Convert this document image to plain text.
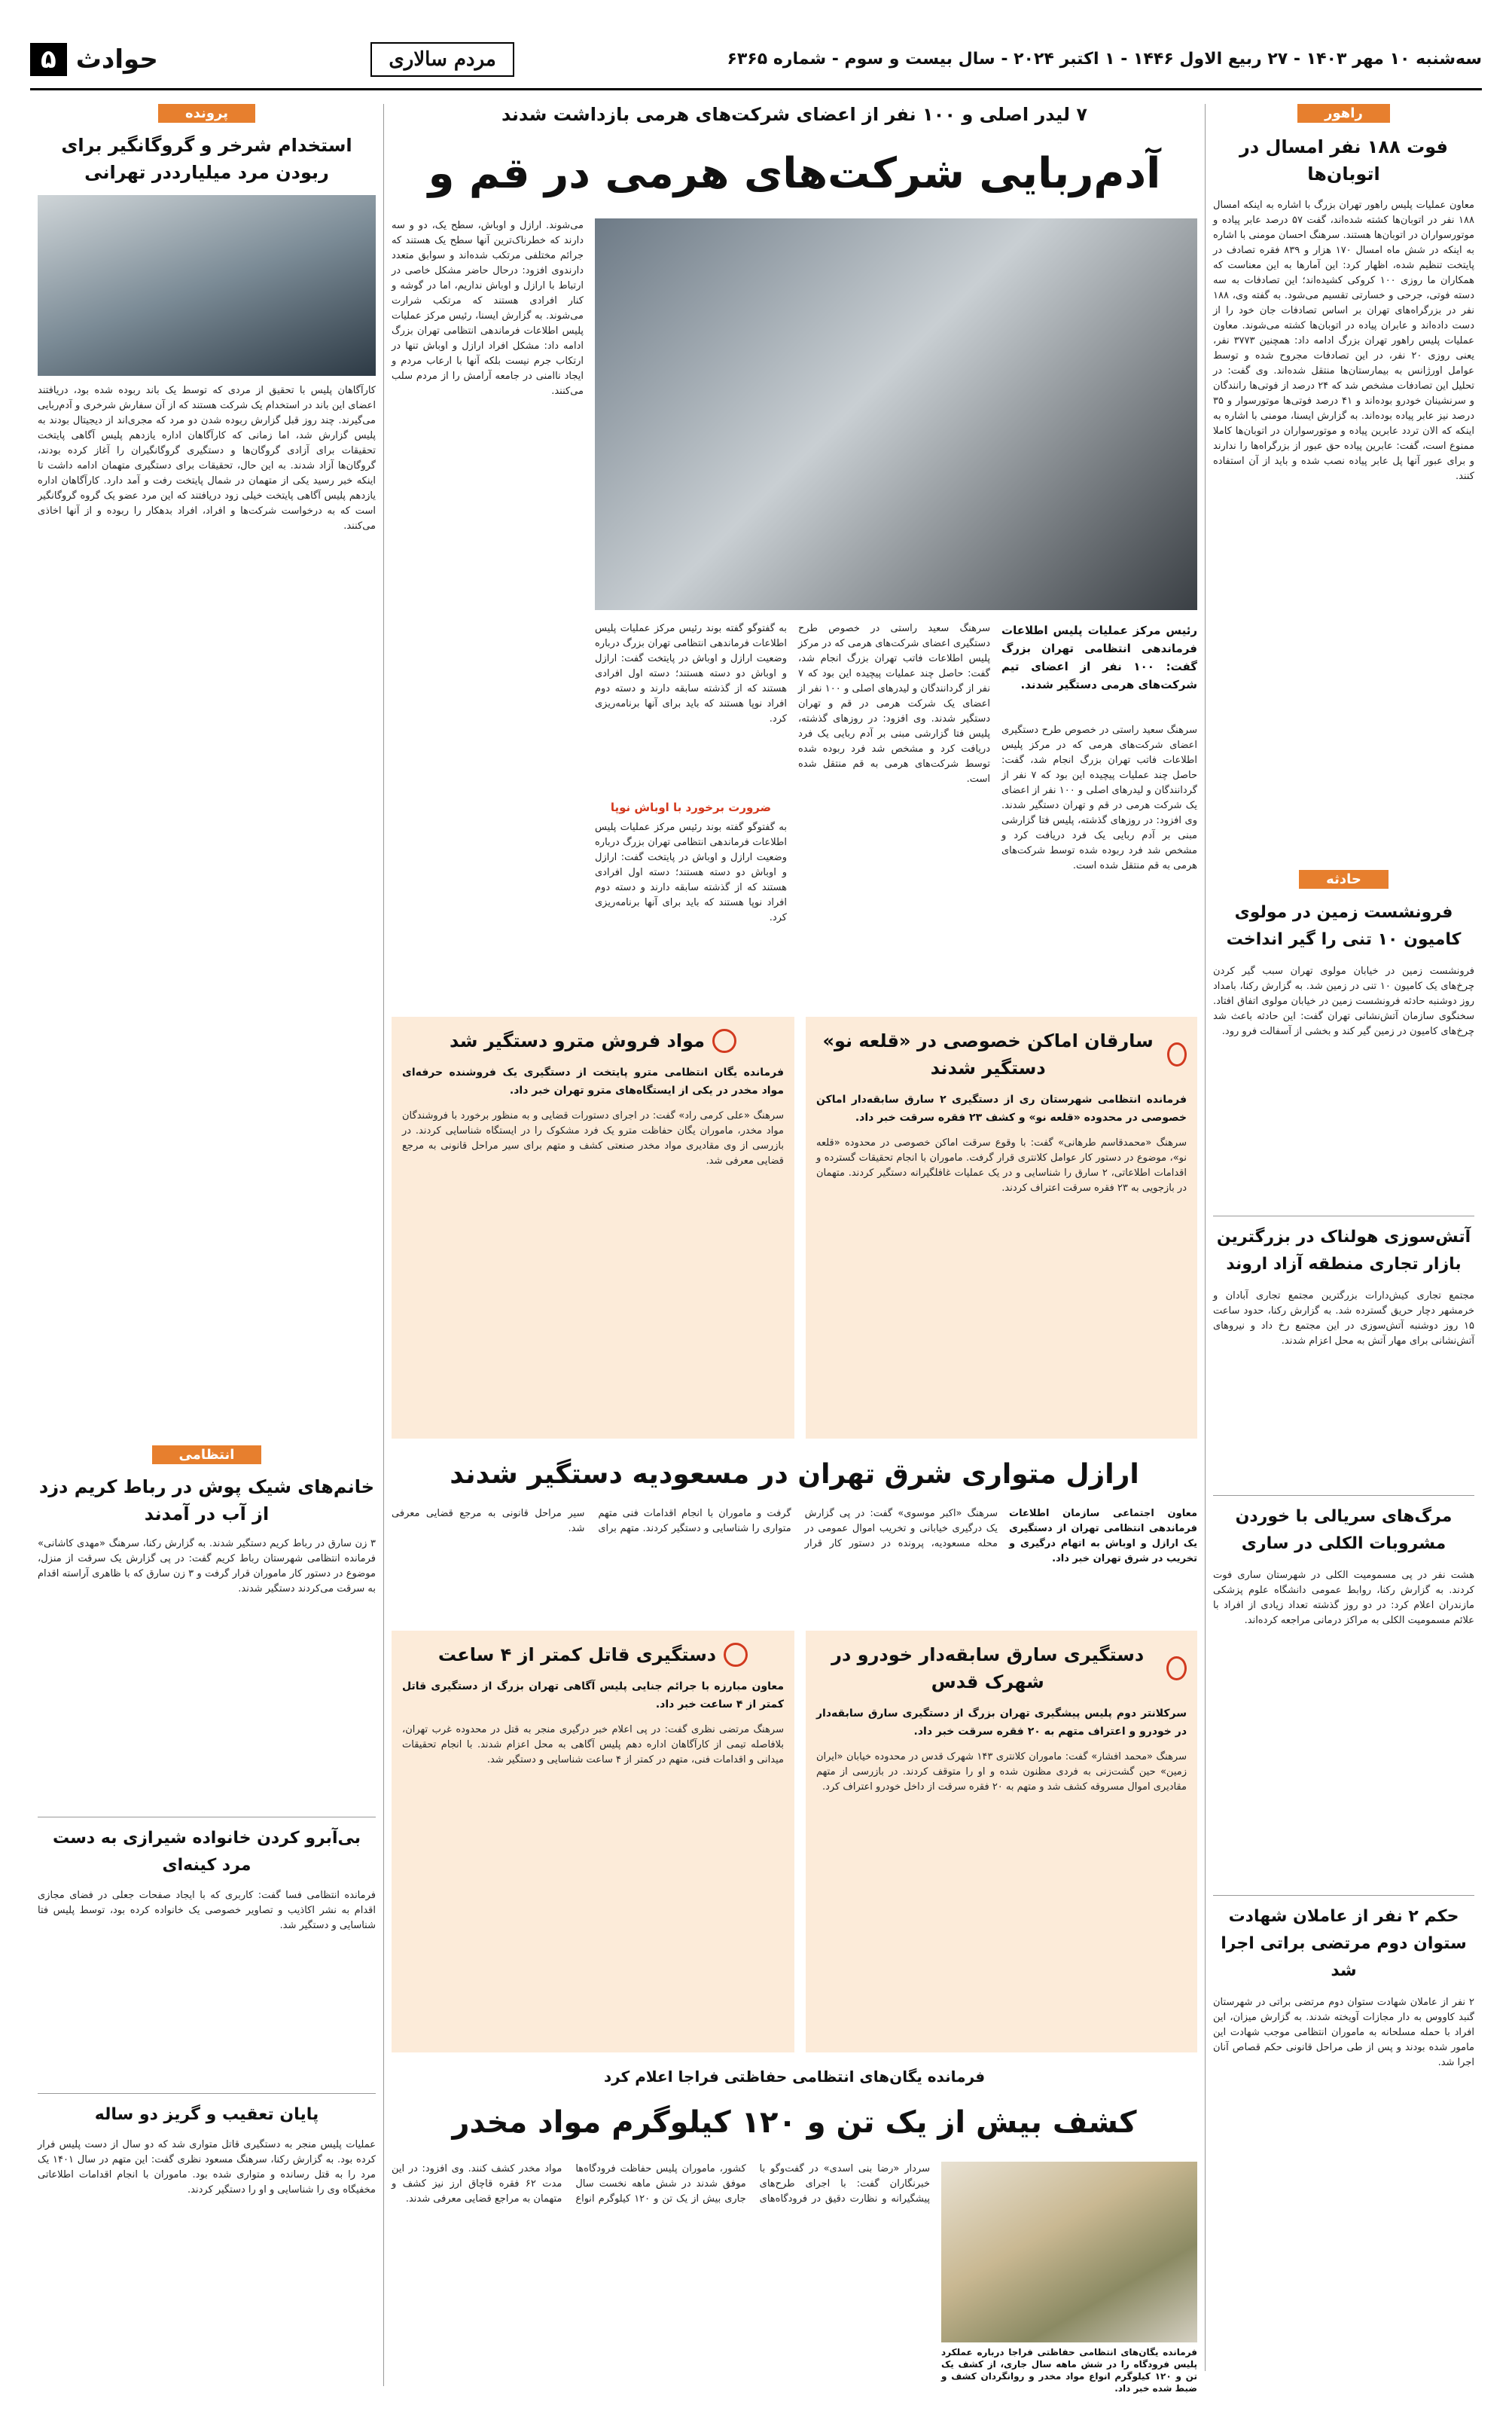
سه‌شنبه ۱۰ مهر ۱۴۰۳ - ۲۷ ربیع الاول ۱۴۴۶ - ۱ اکتبر ۲۰۲۴ - سال بیست و سوم - شماره ۶۳۶۵
مردم سالاری
حوادث
۵
راهور
فوت ۱۸۸ نفر امسال در اتوبان‌ها
معاون عملیات پلیس راهور تهران بزرگ با اشاره به اینکه امسال ۱۸۸ نفر در اتوبان‌ها کشته شده‌اند، گفت ۵۷ درصد عابر پیاده و موتورسواران در اتوبان‌ها هستند. سرهنگ احسان مومنی با اشاره به اینکه در شش ماه امسال ۱۷۰ هزار و ۸۳۹ فقره تصادف در پایتخت تنظیم شده، اظهار کرد: این آمارها به این معناست که همکاران ما روزی ۱۰۰ کروکی کشیده‌اند؛ این تصادفات به سه دسته فوتی، جرحی و خسارتی تقسیم می‌شود. به گفته وی، ۱۸۸ نفر در بزرگراه‌های تهران بر اساس تصادفات جان خود را از دست داده‌اند و عابران پیاده در اتوبان‌ها کشته می‌شوند. معاون عملیات پلیس راهور تهران بزرگ ادامه داد: همچنین ۳۷۷۳ نفر، یعنی روزی ۲۰ نفر، در این تصادفات مجروح شده و توسط عوامل اورژانس به بیمارستان‌ها منتقل شده‌اند. وی گفت: در تحلیل این تصادفات مشخص شد که ۲۴ درصد از فوتی‌ها رانندگان و سرنشینان خودرو بوده‌اند و ۴۱ درصد فوتی‌ها موتورسوار و ۳۵ درصد نیز عابر پیاده بوده‌اند. به گزارش ایسنا، مومنی با اشاره به اینکه که الان تردد عابرین پیاده و موتورسواران در اتوبان‌ها کاملا ممنوع است، گفت: عابرین پیاده حق عبور از بزرگراه‌ها را ندارند و برای عبور آنها پل عابر پیاده نصب شده و باید از آن استفاده کنند.
حادثه
فرونشست زمین در مولوی کامیون ۱۰ تنی را گیر انداخت
فرونشست زمین در خیابان مولوی تهران سبب گیر کردن چرخ‌های یک کامیون ۱۰ تنی در زمین شد. به گزارش رکنا، بامداد روز دوشنبه حادثه فرونشست زمین در خیابان مولوی اتفاق افتاد. سخنگوی سازمان آتش‌نشانی تهران گفت: این حادثه باعث شد چرخ‌های کامیون در زمین گیر کند و بخشی از آسفالت فرو رود.
آتش‌سوزی هولناک در بزرگترین بازار تجاری منطقه آزاد اروند
مجتمع تجاری کیش‌دارات بزرگترین مجتمع تجاری آبادان و خرمشهر دچار حریق گسترده شد. به گزارش رکنا، حدود ساعت ۱۵ روز دوشنبه آتش‌سوزی در این مجتمع رخ داد و نیروهای آتش‌نشانی برای مهار آتش به محل اعزام شدند.
مرگ‌های سریالی با خوردن مشروبات الکلی در ساری
هشت نفر در پی مسمومیت الکلی در شهرستان ساری فوت کردند. به گزارش رکنا، روابط عمومی دانشگاه علوم پزشکی مازندران اعلام کرد: در دو روز گذشته تعداد زیادی از افراد با علائم مسمومیت الکلی به مراکز درمانی مراجعه کرده‌اند.
حکم ۲ نفر از عاملان شهادت ستوان دوم مرتضی براتی اجرا شد
۲ نفر از عاملان شهادت ستوان دوم مرتضی براتی در شهرستان گنبد کاووس به دار مجازات آویخته شدند. به گزارش میزان، این افراد با حمله مسلحانه به ماموران انتظامی موجب شهادت این مامور شده بودند و پس از طی مراحل قانونی حکم قصاص آنان اجرا شد.
۷ لیدر اصلی و ۱۰۰ نفر از اعضای شرکت‌های هرمی بازداشت شدند
آدم‌ربایی شرکت‌های هرمی در قم و
می‌شوند. ارازل و اوباش، سطح یک، دو و سه دارند که خطرناک‌ترین آنها سطح یک هستند که جرائم مختلفی مرتکب شده‌اند و سوابق متعدد دارندوی افزود: درحال حاضر مشکل خاصی در ارتباط با ارازل و اوباش نداریم، اما در گوشه و کنار افرادی هستند که مرتکب شرارت می‌شوند. به گزارش ایسنا، رئیس مرکز عملیات پلیس اطلاعات فرماندهی انتظامی تهران بزرگ ادامه داد: مشکل افراد ارازل و اوباش تنها در ارتکاب جرم نیست بلکه آنها با ارعاب مردم و ایجاد ناامنی در جامعه آرامش را از مردم سلب می‌کنند.
رئیس مرکز عملیات پلیس اطلاعات فرماندهی انتظامی تهران بزرگ گفت: ۱۰۰ نفر از اعضای تیم شرکت‌های هرمی دستگیر شدند.
سرهنگ سعید راستی در خصوص طرح دستگیری اعضای شرکت‌های هرمی که در مرکز پلیس اطلاعات فاتب تهران بزرگ انجام شد، گفت: حاصل چند عملیات پیچیده این بود که ۷ نفر از گردانندگان و لیدرهای اصلی و ۱۰۰ نفر از اعضای یک شرکت هرمی در قم و تهران دستگیر شدند. وی افزود: در روزهای گذشته، پلیس فتا گزارشی مبنی بر آدم ربایی یک فرد دریافت کرد و مشخص شد فرد ربوده شده توسط شرکت‌های هرمی به قم منتقل شده است.
سرهنگ سعید راستی در خصوص طرح دستگیری اعضای شرکت‌های هرمی که در مرکز پلیس اطلاعات فاتب تهران بزرگ انجام شد، گفت: حاصل چند عملیات پیچیده این بود که ۷ نفر از گردانندگان و لیدرهای اصلی و ۱۰۰ نفر از اعضای یک شرکت هرمی در قم و تهران دستگیر شدند. وی افزود: در روزهای گذشته، پلیس فتا گزارشی مبنی بر آدم ربایی یک فرد دریافت کرد و مشخص شد فرد ربوده شده توسط شرکت‌های هرمی به قم منتقل شده است.
به گفتوگو گفته بوند رئیس مرکز عملیات پلیس اطلاعات فرماندهی انتظامی تهران بزرگ درباره وضعیت ارازل و اوباش در پایتخت گفت: ارازل و اوباش دو دسته هستند؛ دسته اول افرادی هستند که از گذشته سابقه دارند و دسته دوم افراد نوپا هستند که باید برای آنها برنامه‌ریزی کرد.
ضرورت برخورد با اوباش نوپا
به گفتوگو گفته بوند رئیس مرکز عملیات پلیس اطلاعات فرماندهی انتظامی تهران بزرگ درباره وضعیت ارازل و اوباش در پایتخت گفت: ارازل و اوباش دو دسته هستند؛ دسته اول افرادی هستند که از گذشته سابقه دارند و دسته دوم افراد نوپا هستند که باید برای آنها برنامه‌ریزی کرد.
سارقان اماکن خصوصی در «قلعه نو» دستگیر شدند
فرمانده انتظامی شهرستان ری از دستگیری ۲ سارق سابقه‌دار اماکن خصوصی در محدوده «قلعه نو» و کشف ۲۳ فقره سرقت خبر داد.
سرهنگ «محمدقاسم طرهانی» گفت: با وقوع سرقت اماکن خصوصی در محدوده «قلعه نو»، موضوع در دستور کار عوامل کلانتری قرار گرفت. ماموران با انجام تحقیقات گسترده و اقدامات اطلاعاتی، ۲ سارق را شناسایی و در یک عملیات غافلگیرانه دستگیر کردند. متهمان در بازجویی به ۲۳ فقره سرقت اعتراف کردند.
مواد فروش مترو دستگیر شد
فرمانده یگان انتظامی مترو پایتخت از دستگیری یک فروشنده حرفه‌ای مواد مخدر در یکی از ایستگاه‌های مترو تهران خبر داد.
سرهنگ «علی کرمی راد» گفت: در اجرای دستورات قضایی و به منظور برخورد با فروشندگان مواد مخدر، ماموران یگان حفاظت مترو یک فرد مشکوک را در ایستگاه شناسایی کردند. در بازرسی از وی مقادیری مواد مخدر صنعتی کشف و متهم برای سیر مراحل قانونی به مرجع قضایی معرفی شد.
ارازل متواری شرق تهران در مسعودیه دستگیر شدند
معاون اجتماعی سازمان اطلاعات فرماندهی انتظامی تهران از دستگیری یک ارازل و اوباش به اتهام درگیری و تخریب در شرق تهران خبر داد.
سرهنگ «اکبر موسوی» گفت: در پی گزارش یک درگیری خیابانی و تخریب اموال عمومی در محله مسعودیه، پرونده در دستور کار قرار گرفت و ماموران با انجام اقدامات فنی متهم متواری را شناسایی و دستگیر کردند. متهم برای سیر مراحل قانونی به مرجع قضایی معرفی شد.
دستگیری سارق سابقه‌دار خودرو در شهرک قدس
سرکلانتر دوم پلیس پیشگیری تهران بزرگ از دستگیری سارق سابقه‌دار در خودرو و اعتراف متهم به ۲۰ فقره سرقت خبر داد.
سرهنگ «محمد افشار» گفت: ماموران کلانتری ۱۴۳ شهرک قدس در محدوده خیابان «ایران زمین» حین گشت‌زنی به فردی مظنون شده و او را متوقف کردند. در بازرسی از متهم مقادیری اموال مسروقه کشف شد و متهم به ۲۰ فقره سرقت از داخل خودرو اعتراف کرد.
دستگیری قاتل کمتر از ۴ ساعت
معاون مبارزه با جرائم جنایی پلیس آگاهی تهران بزرگ از دستگیری قاتل کمتر از ۴ ساعت خبر داد.
سرهنگ مرتضی نظری گفت: در پی اعلام خبر درگیری منجر به قتل در محدوده غرب تهران، بلافاصله تیمی از کارآگاهان اداره دهم پلیس آگاهی به محل اعزام شدند. با انجام تحقیقات میدانی و اقدامات فنی، متهم در کمتر از ۴ ساعت شناسایی و دستگیر شد.
فرمانده یگان‌های انتظامی حفاظتی فراجا اعلام کرد
کشف بیش از یک تن و ۱۲۰ کیلوگرم مواد مخدر
فرمانده یگان‌های انتظامی حفاظتی فراجا درباره عملکرد پلیس فرودگاه را در شش ماهه سال جاری، از کشف یک تن و ۱۲۰ کیلوگرم انواع مواد مخدر و روانگردان کشف و ضبط شده خبر داد.
سردار «رضا بنی اسدی» در گفت‌وگو با خبرنگاران گفت: با اجرای طرح‌های پیشگیرانه و نظارت دقیق در فرودگاه‌های کشور، ماموران پلیس حفاظت فرودگاه‌ها موفق شدند در شش ماهه نخست سال جاری بیش از یک تن و ۱۲۰ کیلوگرم انواع مواد مخدر کشف کنند. وی افزود: در این مدت ۶۲ فقره قاچاق ارز نیز کشف و متهمان به مراجع قضایی معرفی شدند.
پرونده
استخدام شرخر و گروگانگیر برای ربودن مرد میلیارددر تهرانی
کارآگاهان پلیس با تحقیق از مردی که توسط یک باند ربوده شده بود، دریافتند اعضای این باند در استخدام یک شرکت هستند که از آن سفارش شرخری و آدم‌ربایی می‌گیرند. چند روز قبل گزارش ربوده شدن دو مرد که مجری‌اند از دیجیتال بودند به پلیس گزارش شد، اما زمانی که کارآگاهان اداره یازدهم پلیس آگاهی پایتخت تحقیقات برای آزادی گروگان‌ها و دستگیری گروگانگیران را آغاز کرده بودند، گروگان‌ها آزاد شدند. به این حال، تحقیقات برای دستگیری متهمان ادامه داشت تا اینکه خبر رسید یکی از متهمان در شمال پایتخت رفت و آمد دارد. کارآگاهان اداره یازدهم پلیس آگاهی پایتخت خیلی زود دریافتند که این مرد عضو یک گروه گروگانگیر است که به درخواست شرکت‌ها و افراد، افراد بدهکار را ربوده و از آنها اخاذی می‌کنند.
انتظامی
خانم‌های شیک پوش در رباط کریم دزد از آب در آمدند
۳ زن سارق در رباط کریم دستگیر شدند. به گزارش رکنا، سرهنگ «مهدی کاشانی» فرمانده انتظامی شهرستان رباط کریم گفت: در پی گزارش یک سرقت از منزل، موضوع در دستور کار ماموران قرار گرفت و ۳ زن سارق که با ظاهری آراسته اقدام به سرقت می‌کردند دستگیر شدند.
بی‌آبرو کردن خانواده شیرازی به دست مرد کینه‌ای
فرمانده انتظامی فسا گفت: کاربری که با ایجاد صفحات جعلی در فضای مجازی اقدام به نشر اکاذیب و تصاویر خصوصی یک خانواده کرده بود، توسط پلیس فتا شناسایی و دستگیر شد.
پایان تعقیب و گریز دو ساله
عملیات پلیس منجر به دستگیری قاتل متواری شد که دو سال از دست پلیس فرار کرده بود. به گزارش رکنا، سرهنگ مسعود نظری گفت: این متهم در سال ۱۴۰۱ یک مرد را به قتل رسانده و متواری شده بود. ماموران با انجام اقدامات اطلاعاتی مخفیگاه وی را شناسایی و او را دستگیر کردند.
